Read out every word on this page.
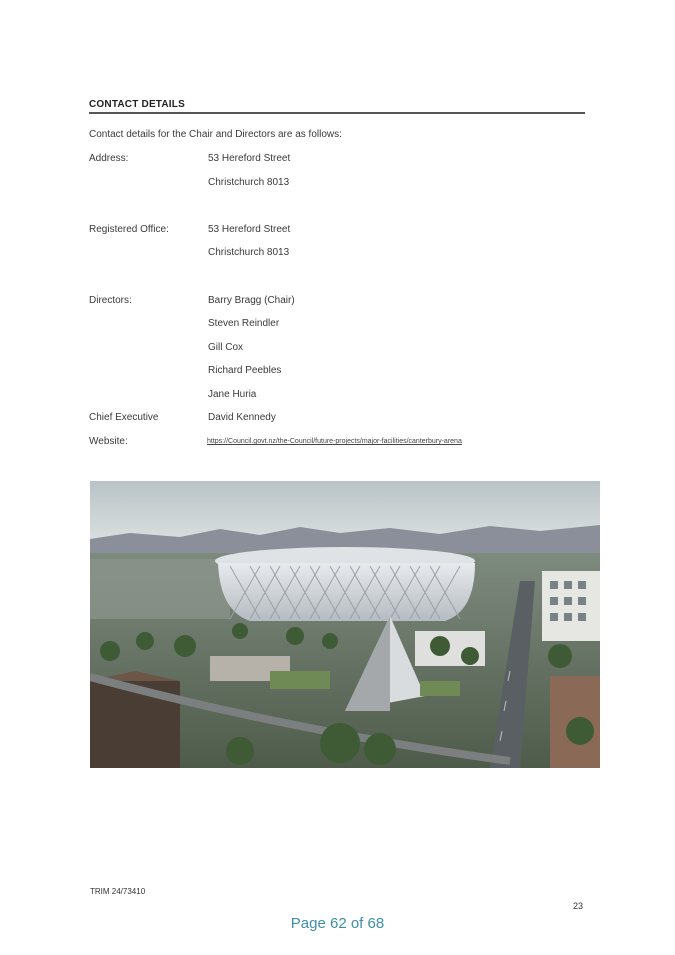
CONTACT DETAILS
Contact details for the Chair and Directors are as follows:
Address:	53 Hereford Street
Christchurch 8013
Registered Office:	53 Hereford Street
Christchurch 8013
Directors:	Barry Bragg (Chair)
Steven Reindler
Gill Cox
Richard Peebles
Jane Huria
Chief Executive	David Kennedy
Website:	https://Council.govt.nz/the-Council/future-projects/major-facilities/canterbury-arena
TRIM 24/73410
23
Page 62 of 68
